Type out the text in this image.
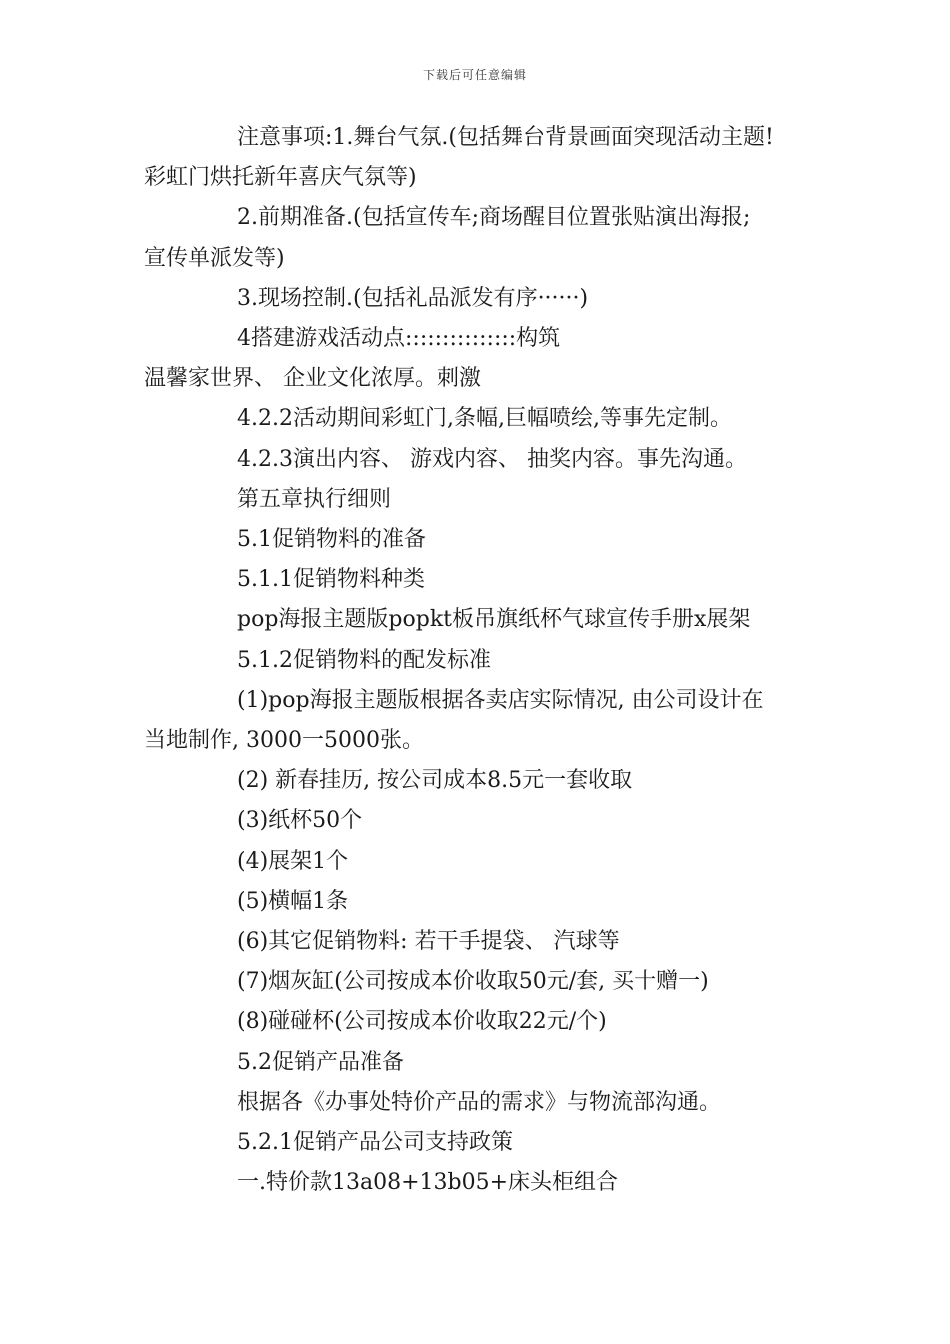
下载后可任意编辑
注意事项:1.舞台气氛.(包括舞台背景画面突现活动主题!
彩虹门烘托新年喜庆气氛等)
2.前期准备.(包括宣传车;商场醒目位置张贴演出海报;
宣传单派发等)
3.现场控制.(包括礼品派发有序······)
4搭建游戏活动点:::::::::::::::构筑
温馨家世界、 企业文化浓厚。刺激
4.2.2活动期间彩虹门,条幅,巨幅喷绘,等事先定制。
4.2.3演出内容、 游戏内容、 抽奖内容。事先沟通。
第五章执行细则
5.1促销物料的准备
5.1.1促销物料种类
pop海报主题版popkt板吊旗纸杯气球宣传手册x展架
5.1.2促销物料的配发标准
(1)pop海报主题版根据各卖店实际情况, 由公司设计在
当地制作, 3000一5000张。
(2) 新春挂历, 按公司成本8.5元一套收取
(3)纸杯50个
(4)展架1个
(5)横幅1条
(6)其它促销物料: 若干手提袋、 汽球等
(7)烟灰缸(公司按成本价收取50元/套, 买十赠一)
(8)碰碰杯(公司按成本价收取22元/个)
5.2促销产品准备
根据各《办事处特价产品的需求》与物流部沟通。
5.2.1促销产品公司支持政策
一.特价款13a08+13b05+床头柜组合
